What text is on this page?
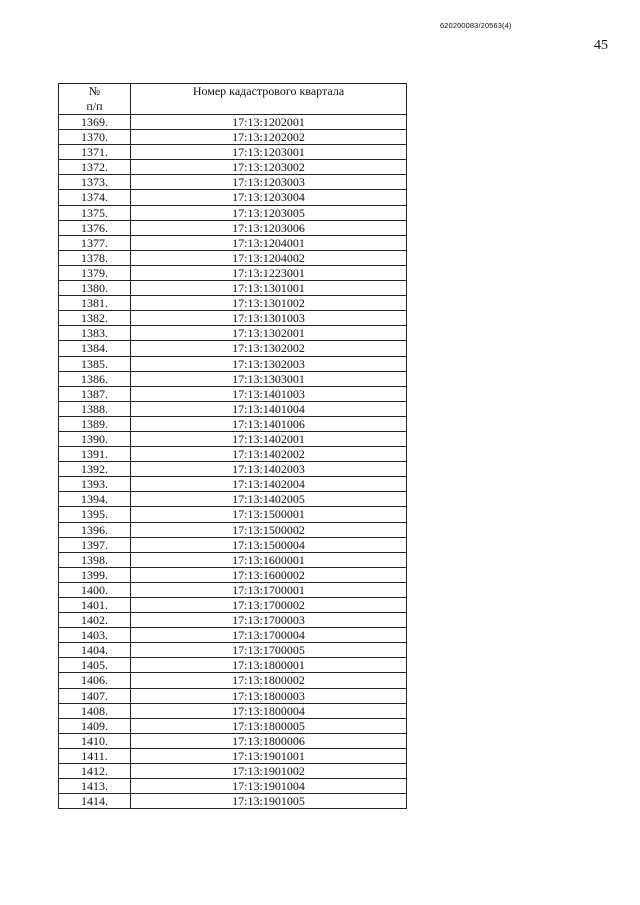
620200083/20563(4)
45
№
п/п	Номер кадастрового квартала
1369.	17:13:1202001
1370.	17:13:1202002
1371.	17:13:1203001
1372.	17:13:1203002
1373.	17:13:1203003
1374.	17:13:1203004
1375.	17:13:1203005
1376.	17:13:1203006
1377.	17:13:1204001
1378.	17:13:1204002
1379.	17:13:1223001
1380.	17:13:1301001
1381.	17:13:1301002
1382.	17:13:1301003
1383.	17:13:1302001
1384.	17:13:1302002
1385.	17:13:1302003
1386.	17:13:1303001
1387.	17:13:1401003
1388.	17:13:1401004
1389.	17:13:1401006
1390.	17:13:1402001
1391.	17:13:1402002
1392.	17:13:1402003
1393.	17:13:1402004
1394.	17:13:1402005
1395.	17:13:1500001
1396.	17:13:1500002
1397.	17:13:1500004
1398.	17:13:1600001
1399.	17:13:1600002
1400.	17:13:1700001
1401.	17:13:1700002
1402.	17:13:1700003
1403.	17:13:1700004
1404.	17:13:1700005
1405.	17:13:1800001
1406.	17:13:1800002
1407.	17:13:1800003
1408.	17:13:1800004
1409.	17:13:1800005
1410.	17:13:1800006
1411.	17:13:1901001
1412.	17:13:1901002
1413.	17:13:1901004
1414.	17:13:1901005
